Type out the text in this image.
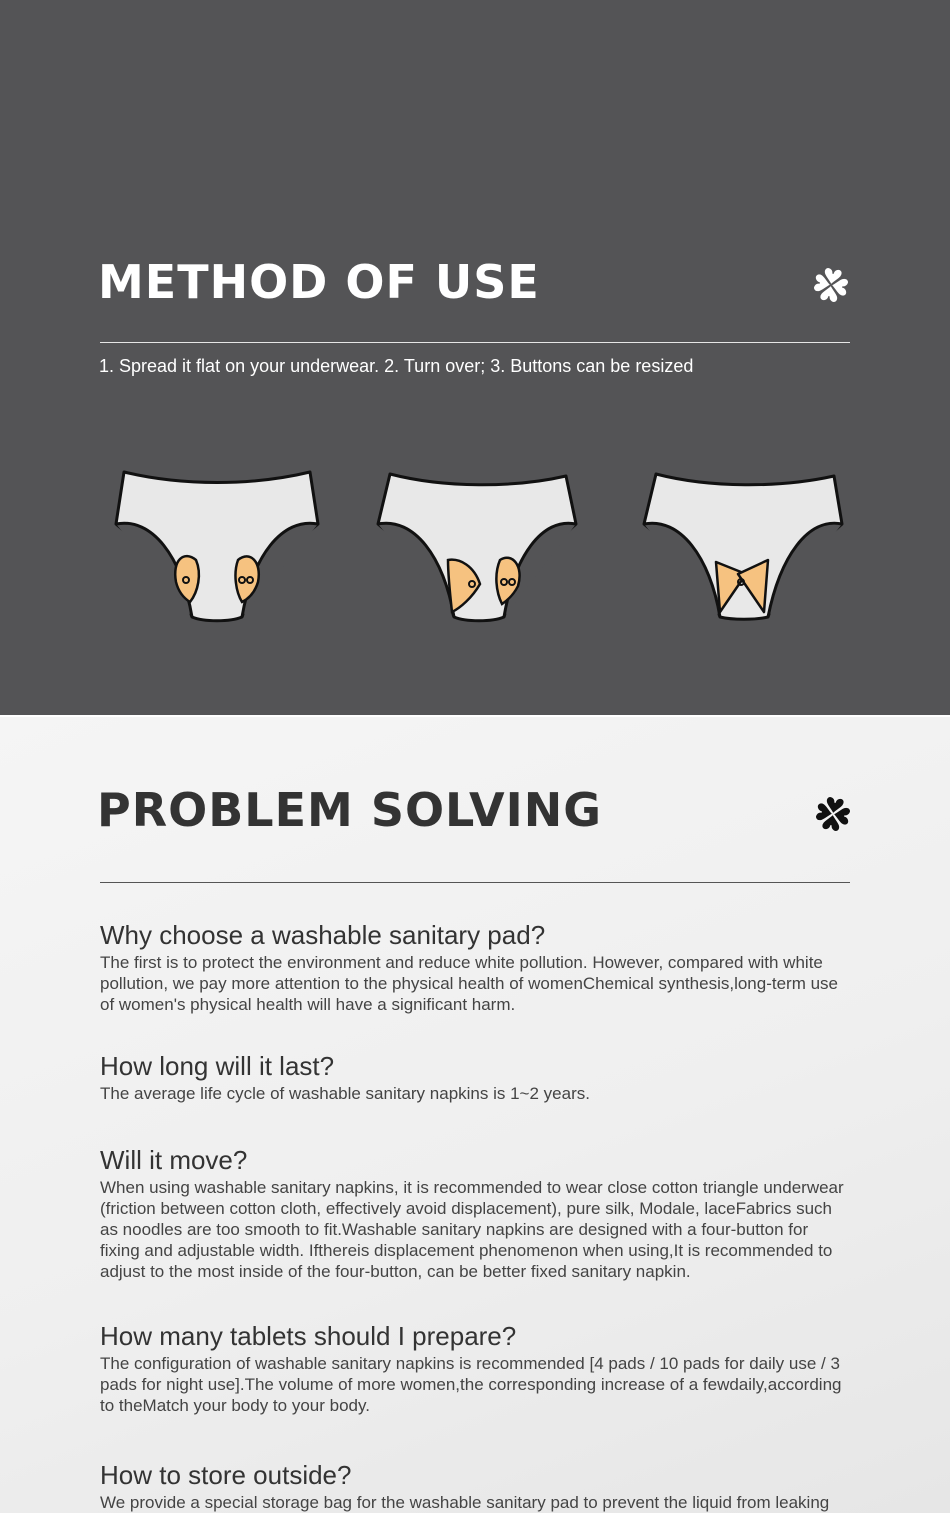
METHOD OF USE
1. Spread it flat on your underwear. 2. Turn over; 3. Buttons can be resized
PROBLEM SOLVING
Why choose a washable sanitary pad?

The first is to protect the environment and reduce white pollution. However, compared with white pollution, we pay more attention to the physical health of womenChemical synthesis,long-term use of women's physical health will have a significant harm.

How long will it last?

The average life cycle of washable sanitary napkins is 1~2 years.

Will it move?

When using washable sanitary napkins, it is recommended to wear close cotton triangle underwear (friction between cotton cloth, effectively avoid displacement), pure silk, Modale, laceFabrics such as noodles are too smooth to fit.Washable sanitary napkins are designed with a four-button for fixing and adjustable width. Ifthereis displacement phenomenon when using,It is recommended to adjust to the most inside of the four-button, can be better fixed sanitary napkin.

How many tablets should I prepare?

The configuration of washable sanitary napkins is recommended [4 pads / 10 pads for daily use / 3 pads for night use].The volume of more women,the corresponding increase of a fewdaily,according to theMatch your body to your body.

How to store outside?

We provide a special storage bag for the washable sanitary pad to prevent the liquid from leaking
